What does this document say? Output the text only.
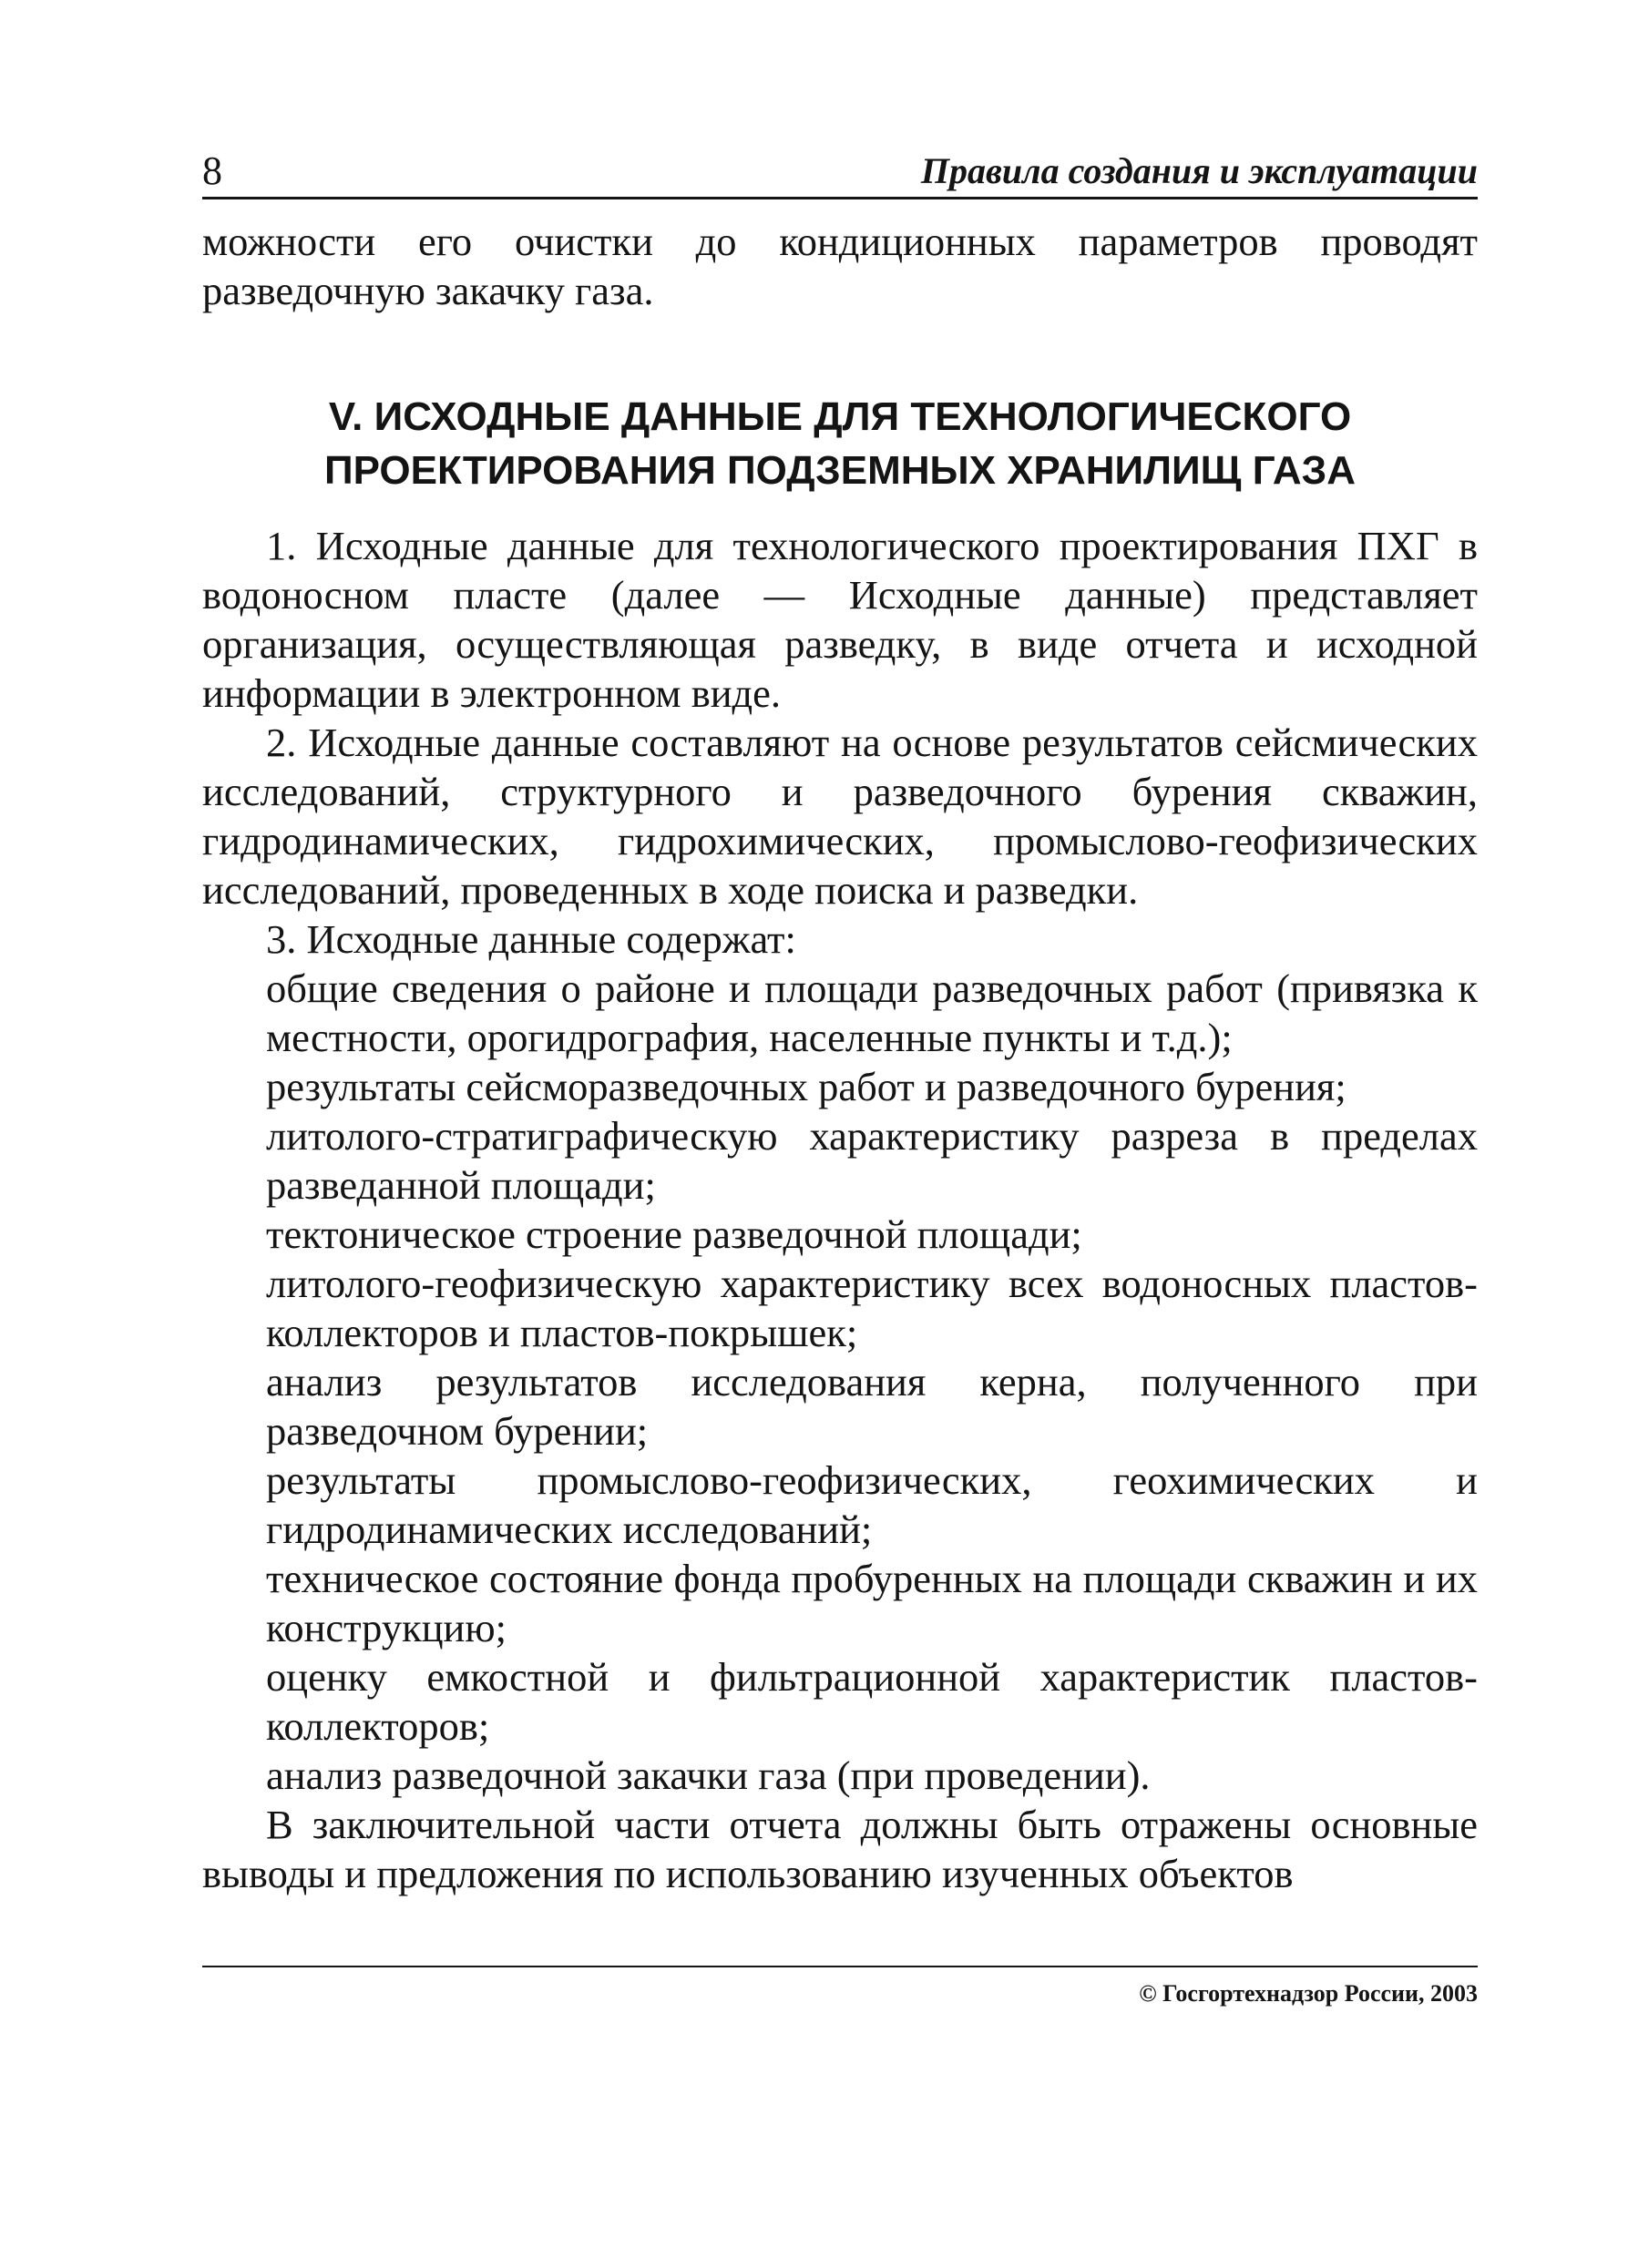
8	Правила создания и эксплуатации

можности его очистки до кондиционных параметров проводят разведочную закачку газа.

V. ИСХОДНЫЕ ДАННЫЕ ДЛЯ ТЕХНОЛОГИЧЕСКОГО
ПРОЕКТИРОВАНИЯ ПОДЗЕМНЫХ ХРАНИЛИЩ ГАЗА

1. Исходные данные для технологического проектирования ПХГ в водоносном пласте (далее — Исходные данные) представляет организация, осуществляющая разведку, в виде отчета и исходной информации в электронном виде.

2. Исходные данные составляют на основе результатов сейсмических исследований, структурного и разведочного бурения скважин, гидродинамических, гидрохимических, промыслово-геофизических исследований, проведенных в ходе поиска и разведки.

3. Исходные данные содержат:

общие сведения о районе и площади разведочных работ (привязка к местности, орогидрография, населенные пункты и т.д.);

результаты сейсморазведочных работ и разведочного бурения;

литолого-стратиграфическую характеристику разреза в пределах разведанной площади;

тектоническое строение разведочной площади;

литолого-геофизическую характеристику всех водоносных пластов-коллекторов и пластов-покрышек;

анализ результатов исследования керна, полученного при разведочном бурении;

результаты промыслово-геофизических, геохимических и гидродинамических исследований;

техническое состояние фонда пробуренных на площади скважин и их конструкцию;

оценку емкостной и фильтрационной характеристик пластов-коллекторов;

анализ разведочной закачки газа (при проведении).

В заключительной части отчета должны быть отражены основные выводы и предложения по использованию изученных объектов

© Госгортехнадзор России, 2003
